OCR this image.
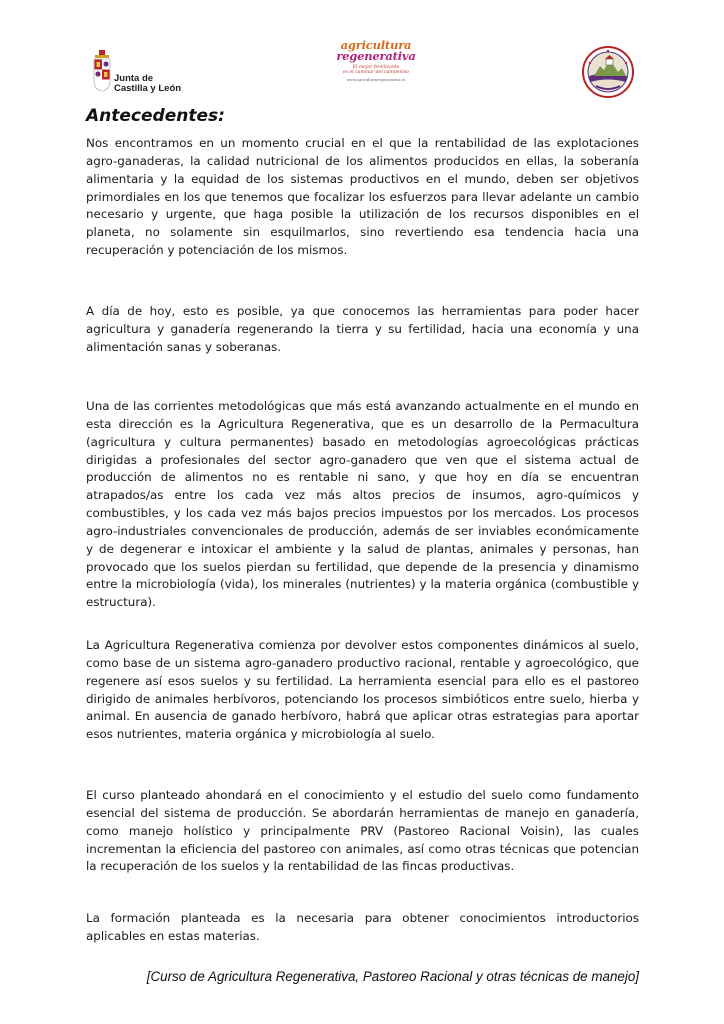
Junta de
Castilla y León
agricultura
regenerativa
El mejor fertilizante
es el caminar del campesino
www.agriculturaregenerativa.es
Antecedentes:

Nos encontramos en un momento crucial en el que la rentabilidad de las explotaciones agro-ganaderas, la calidad nutricional de los alimentos producidos en ellas, la soberanía alimentaria y la equidad de los sistemas productivos en el mundo, deben ser objetivos primordiales en los que tenemos que focalizar los esfuerzos para llevar adelante un cambio necesario y urgente, que haga posible la utilización de los recursos disponibles en el planeta, no solamente sin esquilmarlos, sino revertiendo esa tendencia hacia una recuperación y potenciación de los mismos.

A día de hoy, esto es posible, ya que conocemos las herramientas para poder hacer agricultura y ganadería regenerando la tierra y su fertilidad, hacia una economía y una alimentación sanas y soberanas.

Una de las corrientes metodológicas que más está avanzando actualmente en el mundo en esta dirección es la Agricultura Regenerativa, que es un desarrollo de la Permacultura (agricultura y cultura permanentes) basado en metodologías agroecológicas prácticas dirigidas a profesionales del sector agro-ganadero que ven que el sistema actual de producción de alimentos no es rentable ni sano, y que hoy en día se encuentran atrapados/as entre los cada vez más altos precios de insumos, agro-químicos y combustibles, y los cada vez más bajos precios impuestos por los mercados. Los procesos agro-industriales convencionales de producción, además de ser inviables económicamente y de degenerar e intoxicar el ambiente y la salud de plantas, animales y personas, han provocado que los suelos pierdan su fertilidad, que depende de la presencia y dinamismo entre la microbiología (vida), los minerales (nutrientes) y la materia orgánica (combustible y estructura).

La Agricultura Regenerativa comienza por devolver estos componentes dinámicos al suelo, como base de un sistema agro-ganadero productivo racional, rentable y agroecológico, que regenere así esos suelos y su fertilidad. La herramienta esencial para ello es el pastoreo dirigido de animales herbívoros, potenciando los procesos simbióticos entre suelo, hierba y animal. En ausencia de ganado herbívoro, habrá que aplicar otras estrategias para aportar esos nutrientes, materia orgánica y microbiología al suelo.

El curso planteado ahondará en el conocimiento y el estudio del suelo como fundamento esencial del sistema de producción. Se abordarán herramientas de manejo en ganadería, como manejo holístico y principalmente PRV (Pastoreo Racional Voisin), las cuales incrementan la eficiencia del pastoreo con animales, así como otras técnicas que potencian la recuperación de los suelos y la rentabilidad de las fincas productivas.

La formación planteada es la necesaria para obtener conocimientos introductorios aplicables en estas materias.

[Curso de Agricultura Regenerativa, Pastoreo Racional y otras técnicas de manejo]
